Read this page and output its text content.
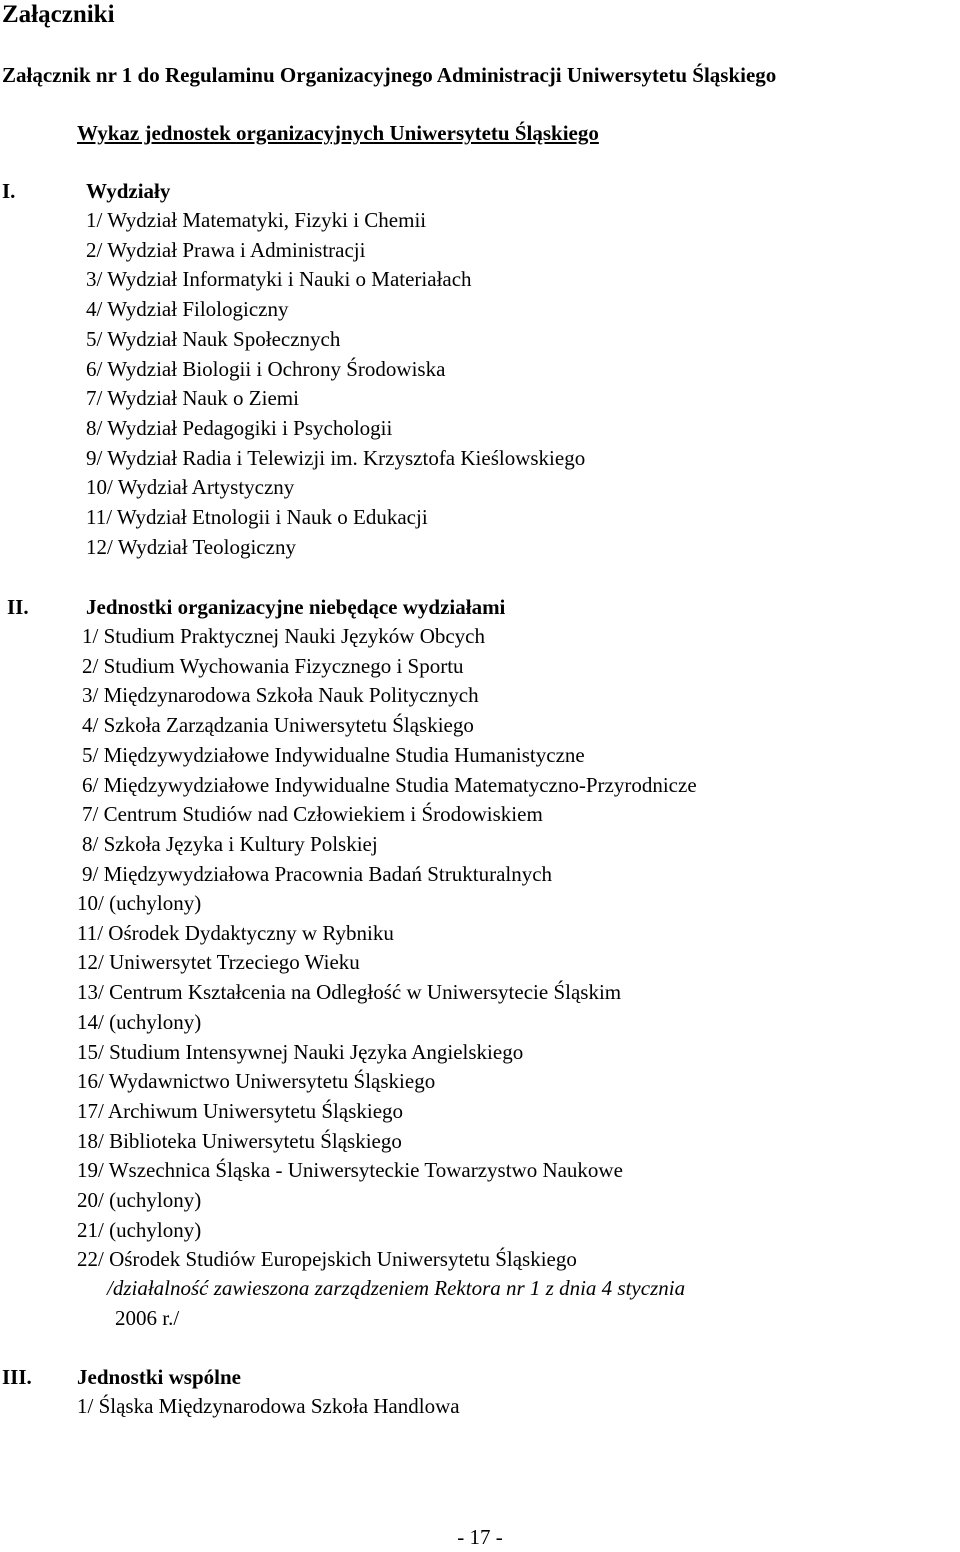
Załączniki
Załącznik nr 1 do Regulaminu Organizacyjnego Administracji Uniwersytetu Śląskiego
Wykaz jednostek organizacyjnych Uniwersytetu Śląskiego
I.	Wydziały
1/ Wydział Matematyki, Fizyki i Chemii
2/ Wydział Prawa i Administracji
3/ Wydział Informatyki i Nauki o Materiałach
4/ Wydział Filologiczny
5/ Wydział Nauk Społecznych
6/ Wydział Biologii i Ochrony Środowiska
7/ Wydział Nauk o Ziemi
8/ Wydział Pedagogiki i Psychologii
9/ Wydział Radia i Telewizji im. Krzysztofa Kieślowskiego
10/ Wydział Artystyczny
11/ Wydział Etnologii i Nauk o Edukacji
12/ Wydział Teologiczny
II.	Jednostki organizacyjne niebędące wydziałami
1/ Studium Praktycznej Nauki Języków Obcych
2/ Studium Wychowania Fizycznego i Sportu
3/ Międzynarodowa Szkoła Nauk Politycznych
4/ Szkoła Zarządzania Uniwersytetu Śląskiego
5/ Międzywydziałowe Indywidualne Studia Humanistyczne
6/ Międzywydziałowe Indywidualne Studia Matematyczno-Przyrodnicze
7/ Centrum Studiów nad Człowiekiem i Środowiskiem
8/ Szkoła Języka i Kultury Polskiej
9/ Międzywydziałowa Pracownia Badań Strukturalnych
10/ (uchylony)
11/ Ośrodek Dydaktyczny w Rybniku
12/ Uniwersytet Trzeciego Wieku
13/ Centrum Kształcenia na Odległość w Uniwersytecie Śląskim
14/ (uchylony)
15/ Studium Intensywnej Nauki Języka Angielskiego
16/ Wydawnictwo Uniwersytetu Śląskiego
17/ Archiwum Uniwersytetu Śląskiego
18/ Biblioteka Uniwersytetu Śląskiego
19/ Wszechnica Śląska - Uniwersyteckie Towarzystwo Naukowe
20/ (uchylony)
21/ (uchylony)
22/ Ośrodek Studiów Europejskich Uniwersytetu Śląskiego
/działalność zawieszona zarządzeniem Rektora nr 1 z dnia 4 stycznia
2006 r./
III. Jednostki wspólne
1/ Śląska Międzynarodowa Szkoła Handlowa
- 17 -
